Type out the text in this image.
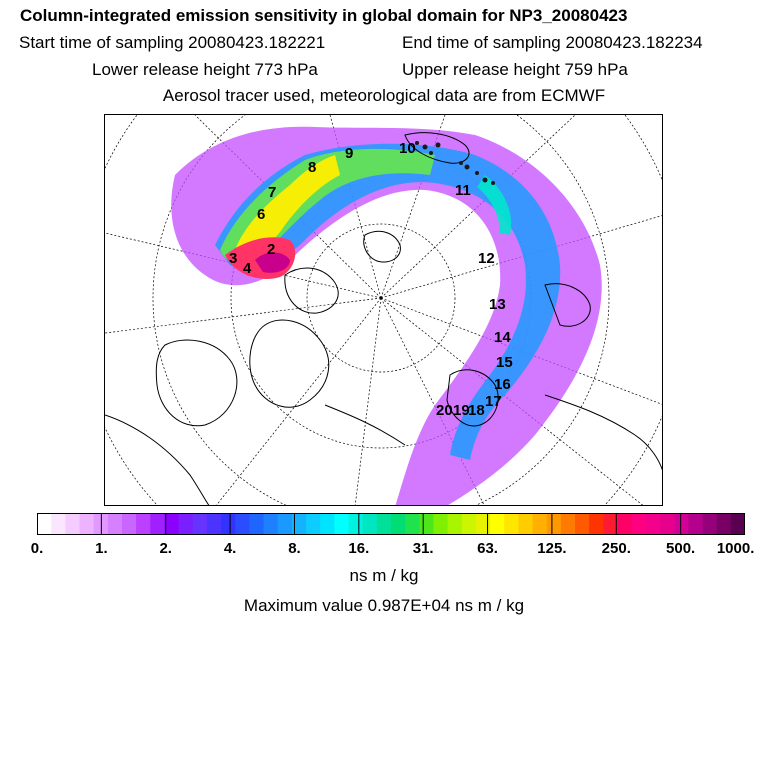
Column-integrated emission sensitivity in global domain for NP3_20080423
Start time of sampling 20080423.182221	End time of sampling 20080423.182234
Lower release height 773 hPa	Upper release height 759 hPa
Aerosol tracer used, meteorological data are from ECMWF
2
3
4
6
7
8
9	10
11
12
13
14
15
16
17
18
19
20
0.	1.	2.	4.	8.	16.	31.	63.	125. 250. 500. 1000.
ns m / kg
Maximum value 0.987E+04 ns m / kg
